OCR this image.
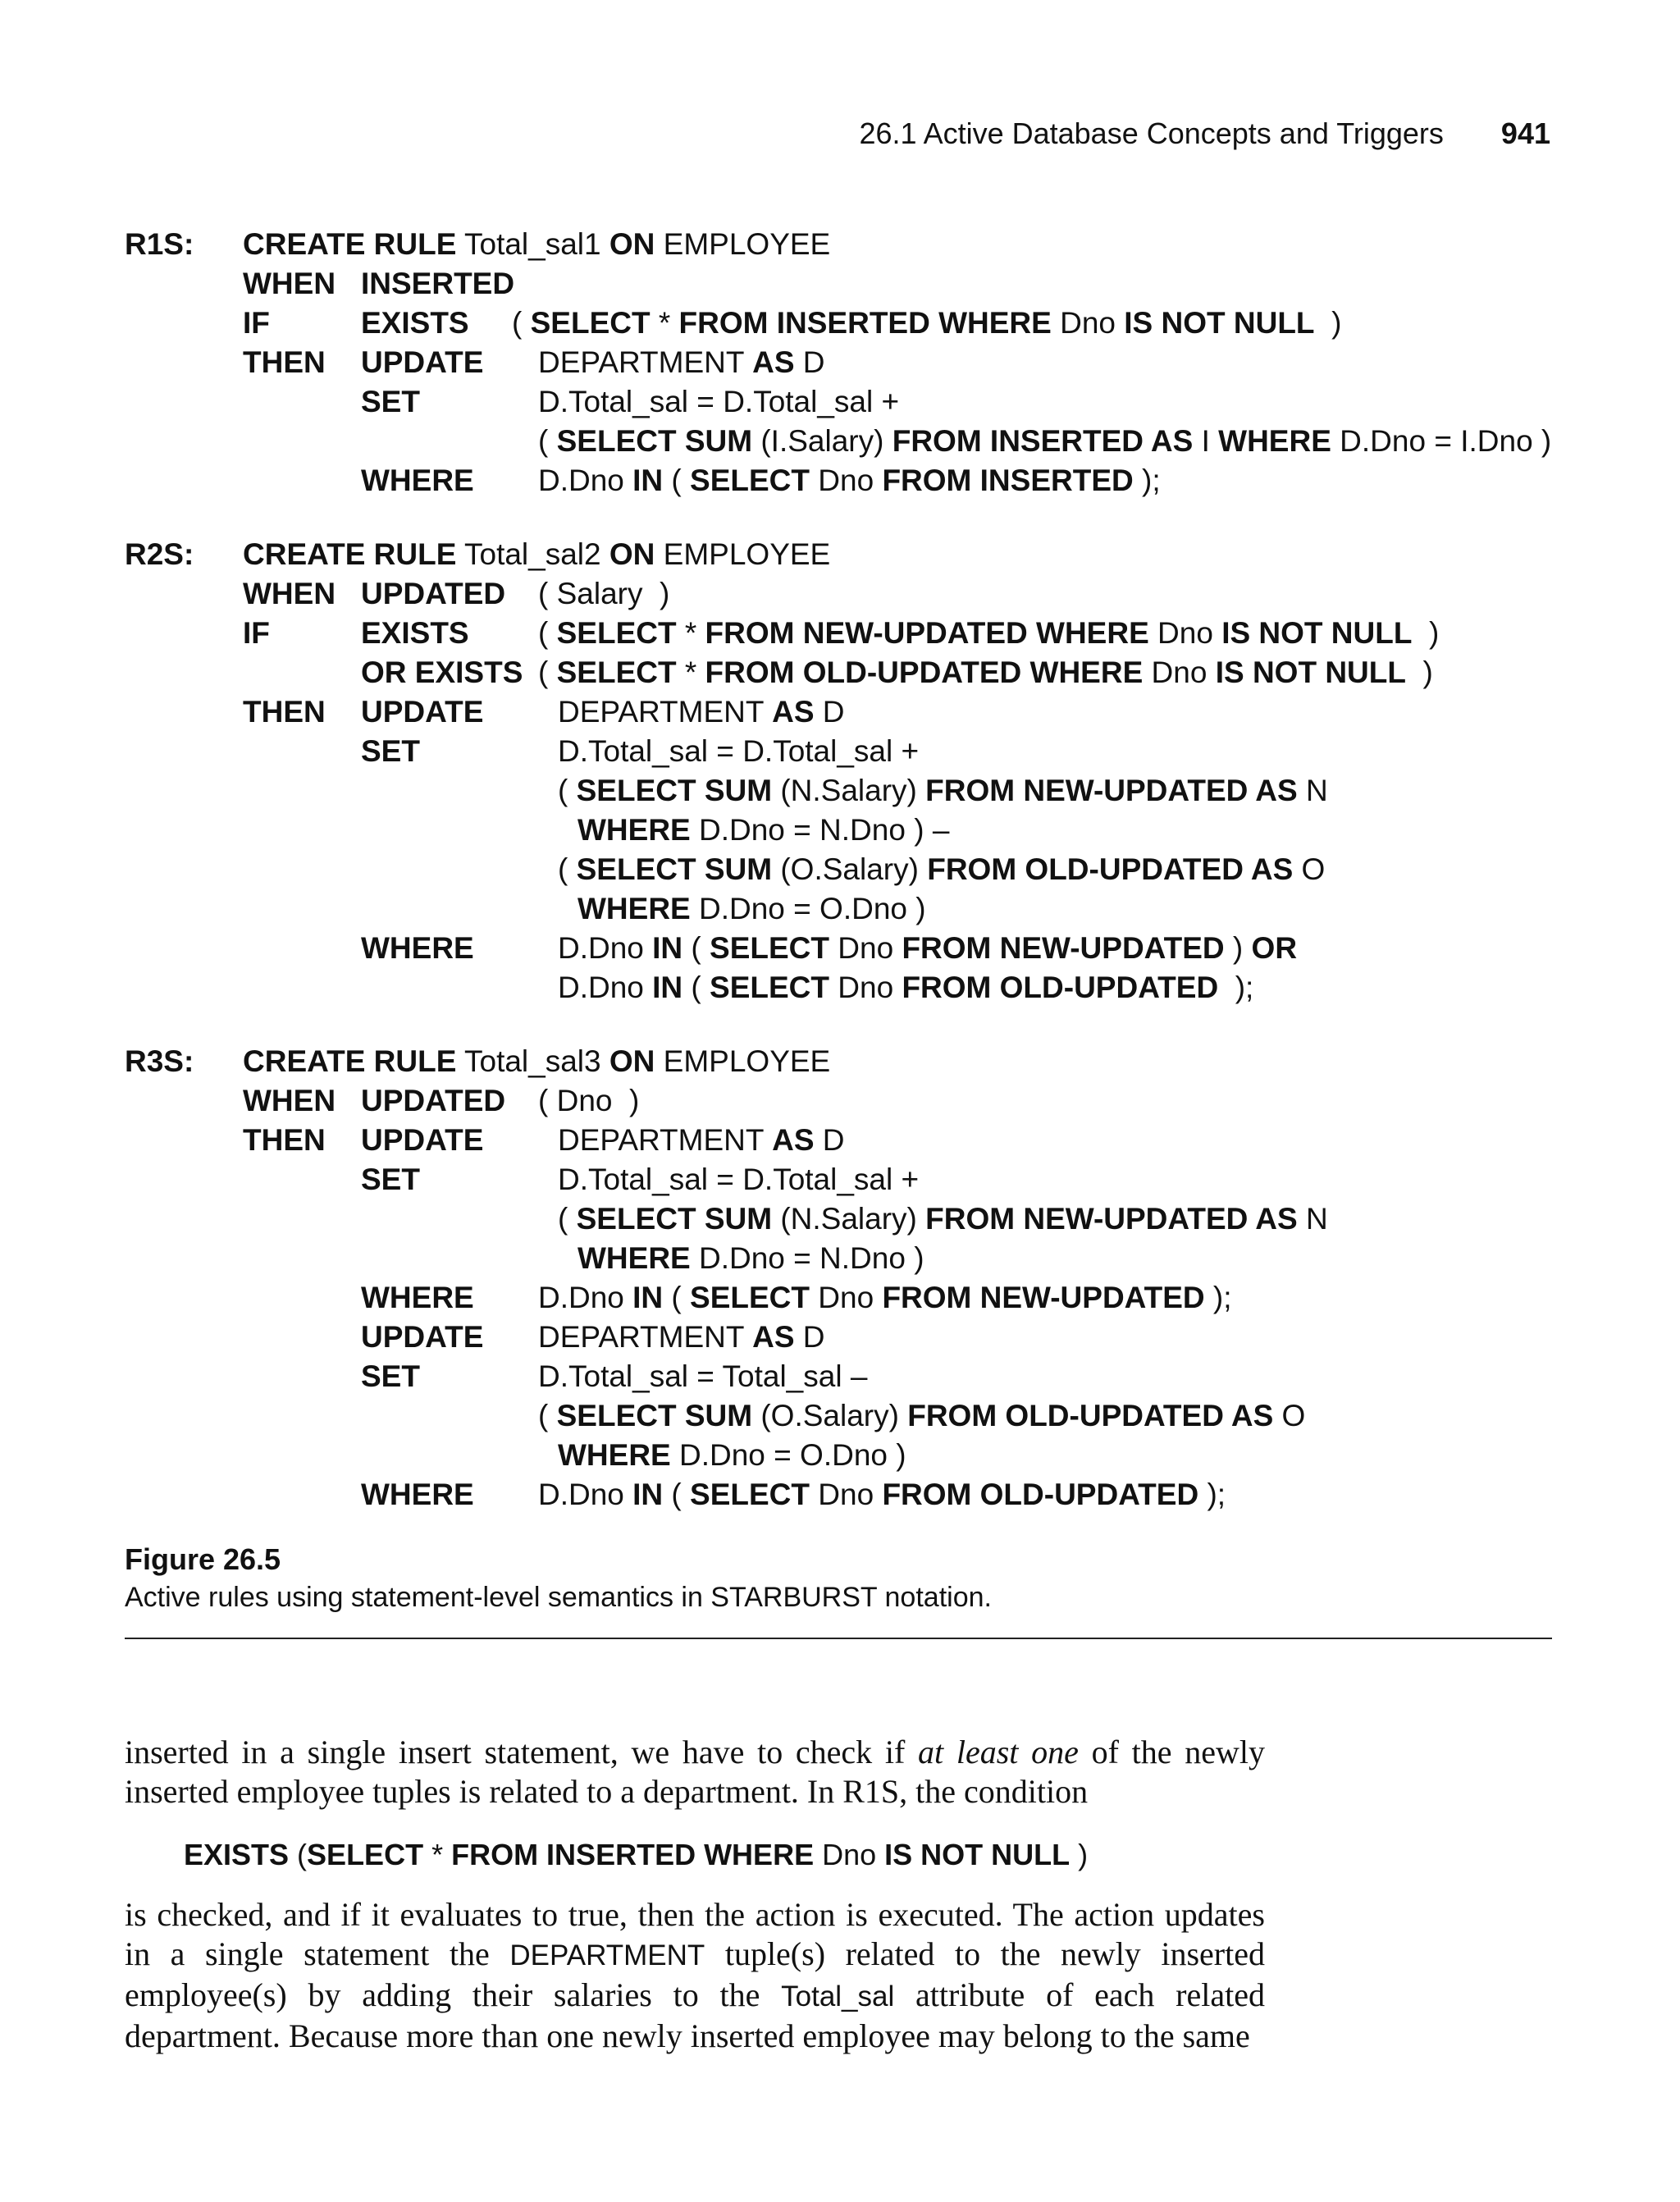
26.1 Active Database Concepts and Triggers 941
R1S: CREATE RULE Total_sal1 ON EMPLOYEE
WHEN INSERTED
IF	EXISTS ( SELECT * FROM INSERTED WHERE Dno IS NOT NULL  )
THEN UPDATE DEPARTMENT AS D
SET	D.Total_sal = D.Total_sal +
( SELECT SUM (I.Salary) FROM INSERTED AS I WHERE D.Dno = I.Dno )
WHERE D.Dno IN ( SELECT Dno FROM INSERTED );
R2S: CREATE RULE Total_sal2 ON EMPLOYEE
WHEN UPDATED ( Salary  )
IF	EXISTS ( SELECT * FROM NEW-UPDATED WHERE Dno IS NOT NULL  )
OR EXISTS ( SELECT * FROM OLD-UPDATED WHERE Dno IS NOT NULL  )
THEN UPDATE DEPARTMENT AS D
SET	D.Total_sal = D.Total_sal +
( SELECT SUM (N.Salary) FROM NEW-UPDATED AS N
WHERE D.Dno = N.Dno ) –
( SELECT SUM (O.Salary) FROM OLD-UPDATED AS O
WHERE D.Dno = O.Dno )
WHERE	D.Dno IN ( SELECT Dno FROM NEW-UPDATED ) OR
D.Dno IN ( SELECT Dno FROM OLD-UPDATED  );
R3S: CREATE RULE Total_sal3 ON EMPLOYEE
WHEN UPDATED ( Dno  )
THEN UPDATE DEPARTMENT AS D
SET	D.Total_sal = D.Total_sal +
( SELECT SUM (N.Salary) FROM NEW-UPDATED AS N
WHERE D.Dno = N.Dno )
WHERE D.Dno IN ( SELECT Dno FROM NEW-UPDATED );
UPDATE DEPARTMENT AS D
SET	D.Total_sal = Total_sal –
( SELECT SUM (O.Salary) FROM OLD-UPDATED AS O
WHERE D.Dno = O.Dno )
WHERE D.Dno IN ( SELECT Dno FROM OLD-UPDATED );
Figure 26.5
Active rules using statement-level semantics in STARBURST notation.
inserted in a single insert statement, we have to check if at least one of the newly inserted employee tuples is related to a department. In R1S, the condition
EXISTS (SELECT * FROM INSERTED WHERE Dno IS NOT NULL )
is checked, and if it evaluates to true, then the action is executed. The action updates in a single statement the DEPARTMENT tuple(s) related to the newly inserted employee(s) by adding their salaries to the Total_sal attribute of each related department. Because more than one newly inserted employee may belong to the same
